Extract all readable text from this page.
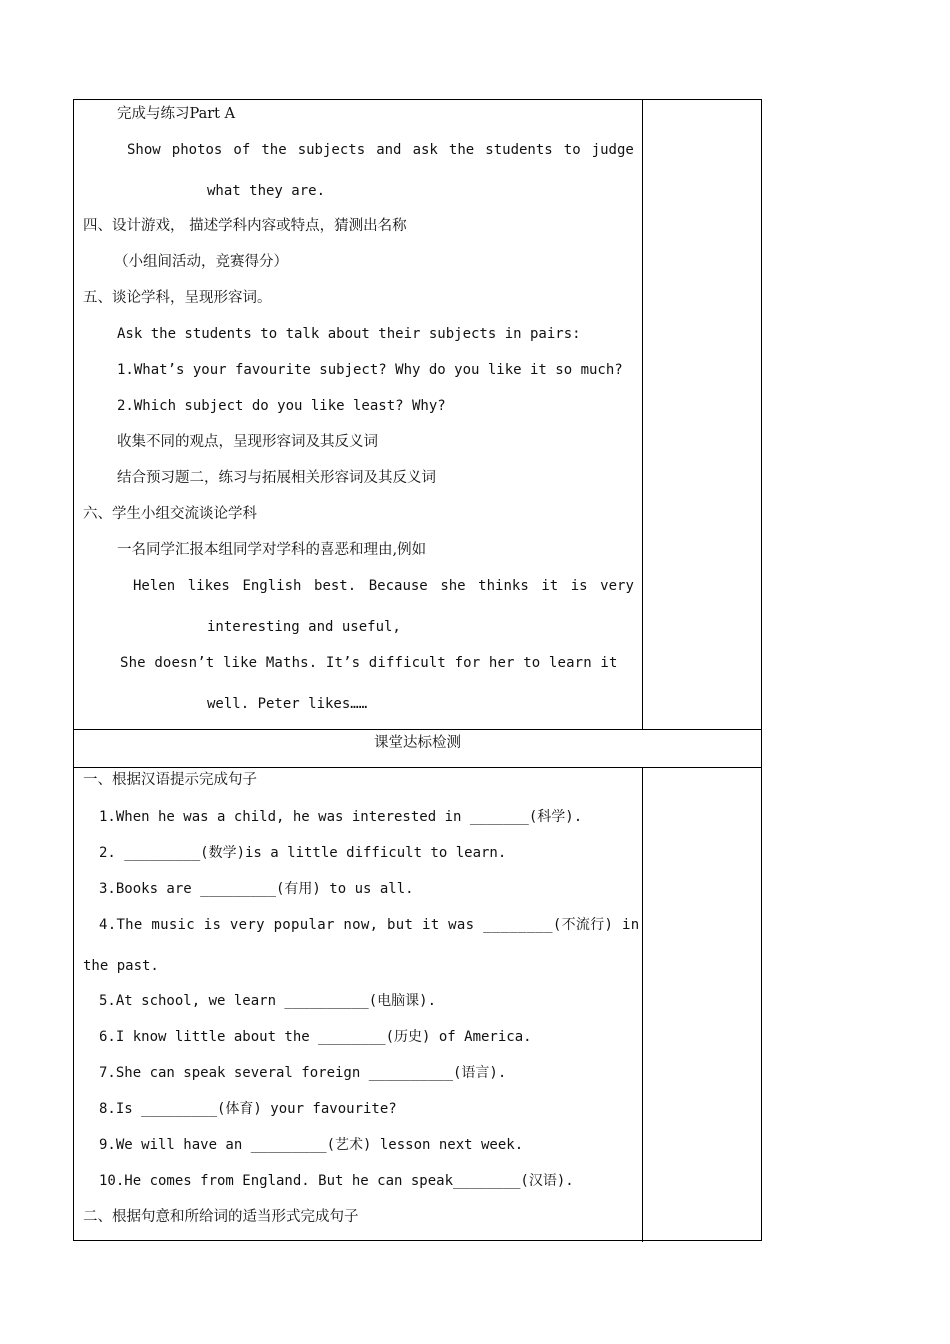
完成与练习Part A
Show photos of the subjects and ask the students to judge
what they are.
四、设计游戏， 描述学科内容或特点，猜测出名称
（小组间活动，竞赛得分）
五、谈论学科，呈现形容词。
Ask the students to talk about their subjects in pairs:
1.What’s your favourite subject? Why do you like it so much?
2.Which subject do you like least? Why?
收集不同的观点，呈现形容词及其反义词
结合预习题二，练习与拓展相关形容词及其反义词
六、学生小组交流谈论学科
一名同学汇报本组同学对学科的喜恶和理由,例如
Helen likes English best. Because she thinks it is very
interesting and useful,
She doesn’t like Maths. It’s difficult for her to learn it
well. Peter likes……
课堂达标检测
一、根据汉语提示完成句子
1.When he was a child, he was interested in _______(科学).
2. _________(数学)is a little difficult to learn.
3.Books are _________(有用) to us all.
4.The music is very popular now, but it was ________(不流行) in
the past.
5.At school, we learn __________(电脑课).
6.I know little about the ________(历史) of America.
7.She can speak several foreign __________(语言).
8.Is _________(体育) your favourite?
9.We will have an _________(艺术) lesson next week.
10.He comes from England. But he can speak________(汉语).
二、根据句意和所给词的适当形式完成句子
